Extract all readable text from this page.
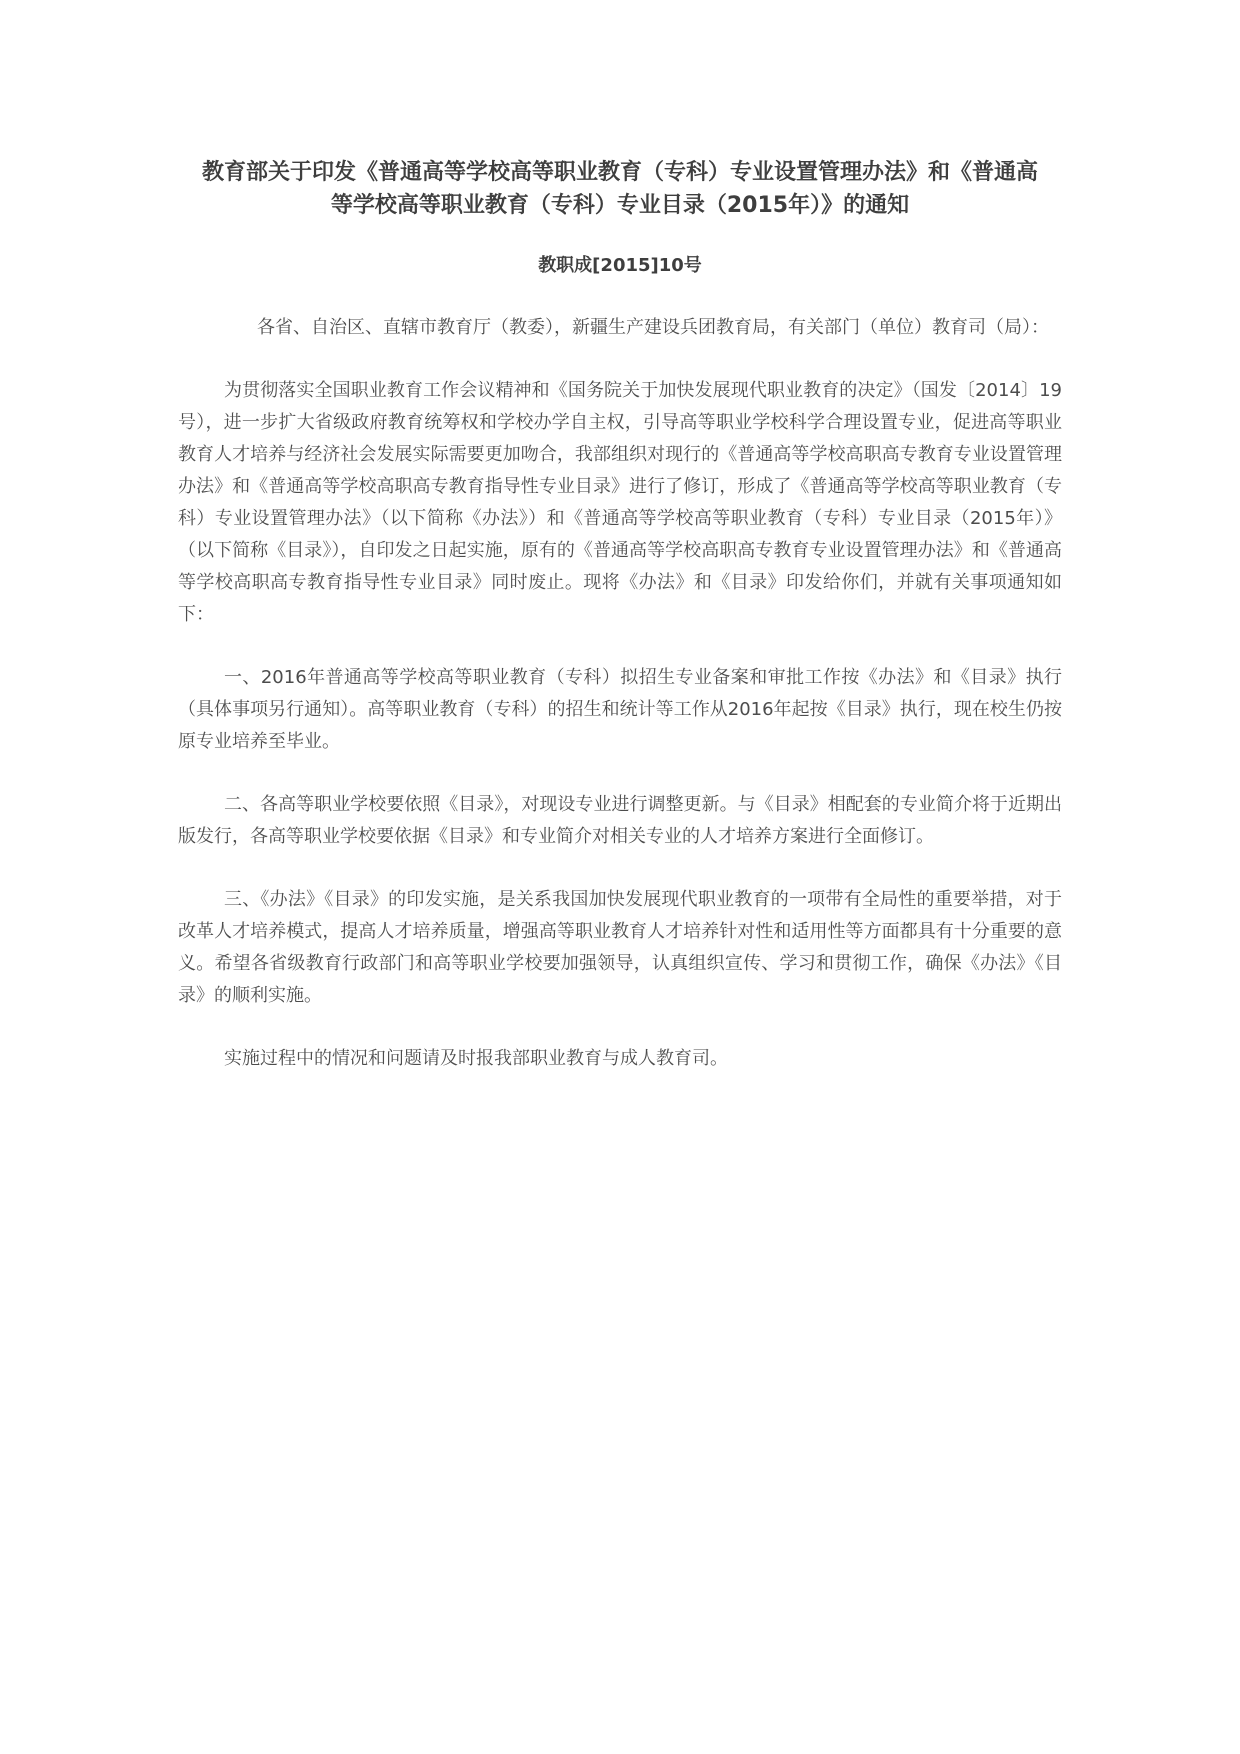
教育部关于印发《普通高等学校高等职业教育（专科）专业设置管理办法》和《普通高等学校高等职业教育（专科）专业目录（2015年）》的通知
教职成[2015]10号

各省、自治区、直辖市教育厅（教委），新疆生产建设兵团教育局，有关部门（单位）教育司（局）：

为贯彻落实全国职业教育工作会议精神和《国务院关于加快发展现代职业教育的决定》（国发〔2014〕19号），进一步扩大省级政府教育统筹权和学校办学自主权，引导高等职业学校科学合理设置专业，促进高等职业教育人才培养与经济社会发展实际需要更加吻合，我部组织对现行的《普通高等学校高职高专教育专业设置管理办法》和《普通高等学校高职高专教育指导性专业目录》进行了修订，形成了《普通高等学校高等职业教育（专科）专业设置管理办法》（以下简称《办法》）和《普通高等学校高等职业教育（专科）专业目录（2015年）》（以下简称《目录》），自印发之日起实施，原有的《普通高等学校高职高专教育专业设置管理办法》和《普通高等学校高职高专教育指导性专业目录》同时废止。现将《办法》和《目录》印发给你们，并就有关事项通知如下：

一、2016年普通高等学校高等职业教育（专科）拟招生专业备案和审批工作按《办法》和《目录》执行（具体事项另行通知）。高等职业教育（专科）的招生和统计等工作从2016年起按《目录》执行，现在校生仍按原专业培养至毕业。

二、各高等职业学校要依照《目录》，对现设专业进行调整更新。与《目录》相配套的专业简介将于近期出版发行，各高等职业学校要依据《目录》和专业简介对相关专业的人才培养方案进行全面修订。

三、《办法》《目录》的印发实施，是关系我国加快发展现代职业教育的一项带有全局性的重要举措，对于改革人才培养模式，提高人才培养质量，增强高等职业教育人才培养针对性和适用性等方面都具有十分重要的意义。希望各省级教育行政部门和高等职业学校要加强领导，认真组织宣传、学习和贯彻工作，确保《办法》《目录》的顺利实施。

实施过程中的情况和问题请及时报我部职业教育与成人教育司。
